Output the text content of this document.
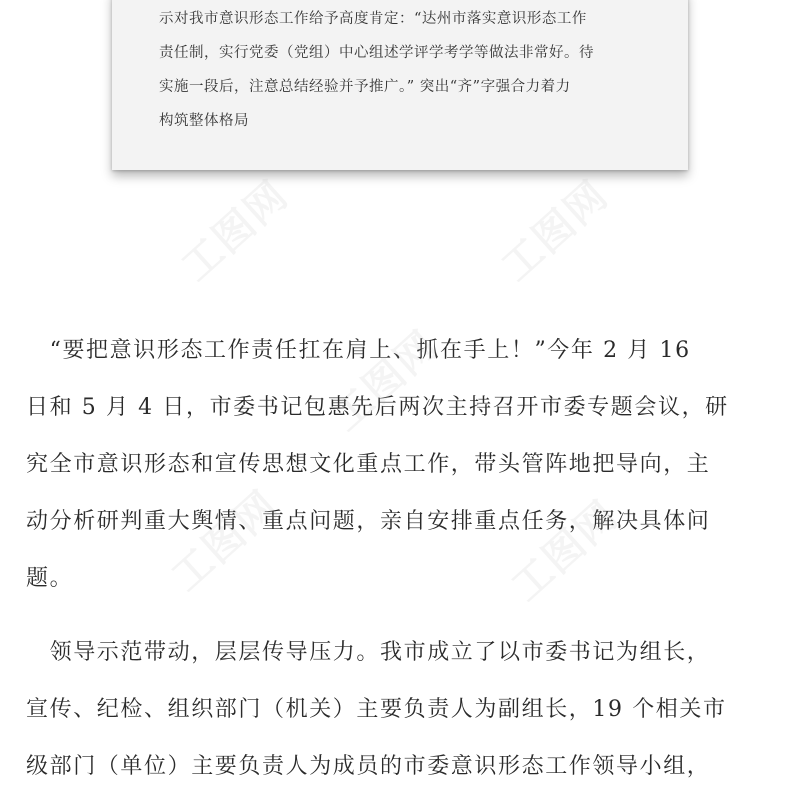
示对我市意识形态工作给予高度肯定：“达州市落实意识形态工作
责任制，实行党委（党组）中心组述学评学考学等做法非常好。待
实施一段后，注意总结经验并予推广。” 突出“齐”字强合力着力
构筑整体格局

　“要把意识形态工作责任扛在肩上、抓在手上！”今年 2 月 16
日和 5 月 4 日，市委书记包惠先后两次主持召开市委专题会议，研
究全市意识形态和宣传思想文化重点工作，带头管阵地把导向，主
动分析研判重大舆情、重点问题，亲自安排重点任务，解决具体问
题。

　领导示范带动，层层传导压力。我市成立了以市委书记为组长，
宣传、纪检、组织部门（机关）主要负责人为副组长，19 个相关市
级部门（单位）主要负责人为成员的市委意识形态工作领导小组，

工图网	工图网
工图网
工图网	工图网
